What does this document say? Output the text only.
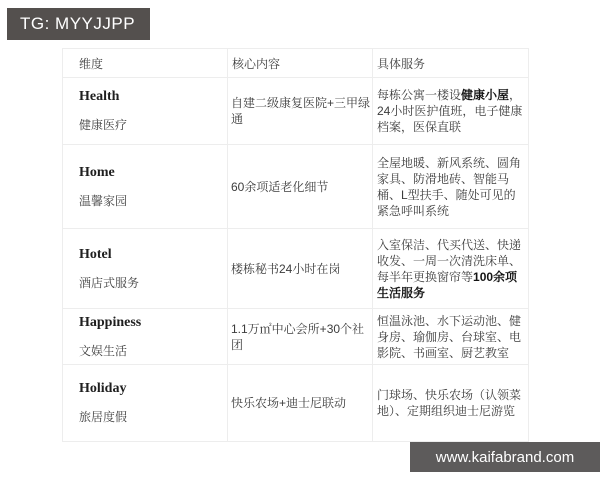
TG: MYYJJPP
维度	核心内容	具体服务

Health
健康医疗	自建二级康复医院+三甲绿通	每栋公寓一楼设健康小屋，24小时医护值班，电子健康档案，医保直联

Home
温馨家园	60余项适老化细节	全屋地暖、新风系统、圆角家具、防滑地砖、智能马桶、L型扶手、随处可见的紧急呼叫系统

Hotel
酒店式服务	楼栋秘书24小时在岗	入室保洁、代买代送、快递收发、一周一次清洗床单、每半年更换窗帘等100余项生活服务

Happiness
文娱生活	1.1万㎡中心会所+30个社团	恒温泳池、水下运动池、健身房、瑜伽房、台球室、电影院、书画室、厨艺教室

Holiday
旅居度假	快乐农场+迪士尼联动	门球场、快乐农场（认领菜地）、定期组织迪士尼游览
www.kaifabrand.com
